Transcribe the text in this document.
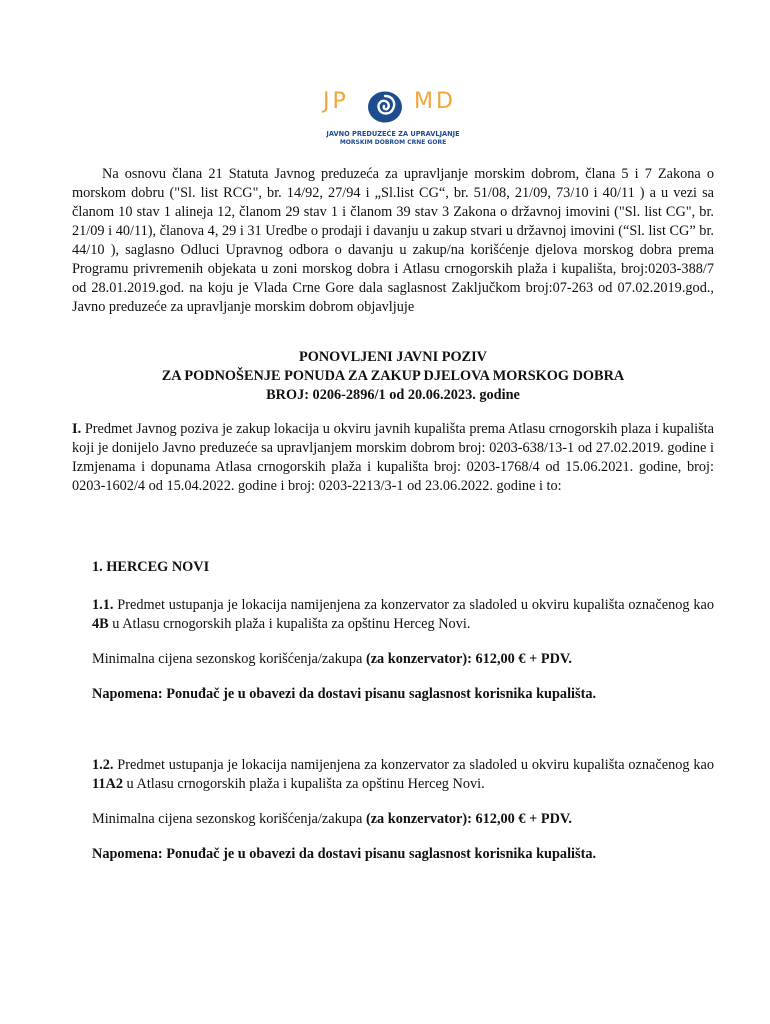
JP	MD
JAVNO PREDUZEĆE ZA UPRAVLJANJE
MORSKIM DOBROM CRNE GORE

Na osnovu člana 21 Statuta Javnog preduzeća za upravljanje morskim dobrom, člana 5 i 7 Zakona o morskom dobru ("Sl. list RCG", br. 14/92, 27/94 i „Sl.list CG“, br. 51/08, 21/09, 73/10 i 40/11 ) a u vezi sa članom 10 stav 1 alineja 12, članom 29 stav 1 i članom 39 stav 3 Zakona o državnoj imovini ("Sl. list CG", br. 21/09 i 40/11), članova 4, 29 i 31 Uredbe o prodaji i davanju u zakup stvari u državnoj imovini (“Sl. list CG” br. 44/10 ), saglasno Odluci Upravnog odbora o davanju u zakup/na korišćenje djelova morskog dobra prema Programu privremenih objekata u zoni morskog dobra i Atlasu crnogorskih plaža i kupališta, broj:0203-388/7 od 28.01.2019.god. na koju je Vlada Crne Gore dala saglasnost Zaključkom broj:07-263 od 07.02.2019.god., Javno preduzeće za upravljanje morskim dobrom objavljuje

PONOVLJENI JAVNI POZIV

ZA PODNOŠENJE PONUDA ZA ZAKUP DJELOVA MORSKOG DOBRA

BROJ: 0206-2896/1 od 20.06.2023. godine

I. Predmet Javnog poziva je zakup lokacija u okviru javnih kupališta prema Atlasu crnogorskih plaza i kupališta koji je donijelo Javno preduzeće sa upravljanjem morskim dobrom broj: 0203-638/13-1 od 27.02.2019. godine i Izmjenama i dopunama Atlasa crnogorskih plaža i kupališta broj: 0203-1768/4 od 15.06.2021. godine, broj: 0203-1602/4 od 15.04.2022. godine i broj: 0203-2213/3-1 od 23.06.2022. godine i to:

1. HERCEG NOVI

1.1. Predmet ustupanja je lokacija namijenjena za konzervator za sladoled u okviru kupališta označenog kao 4B u Atlasu crnogorskih plaža i kupališta za opštinu Herceg Novi.

Minimalna cijena sezonskog korišćenja/zakupa (za konzervator): 612,00 € + PDV.

Napomena: Ponuđač je u obavezi da dostavi pisanu saglasnost korisnika kupališta.

1.2. Predmet ustupanja je lokacija namijenjena za konzervator za sladoled u okviru kupališta označenog kao 11A2 u Atlasu crnogorskih plaža i kupališta za opštinu Herceg Novi.

Minimalna cijena sezonskog korišćenja/zakupa (za konzervator): 612,00 € + PDV.

Napomena: Ponuđač je u obavezi da dostavi pisanu saglasnost korisnika kupališta.
